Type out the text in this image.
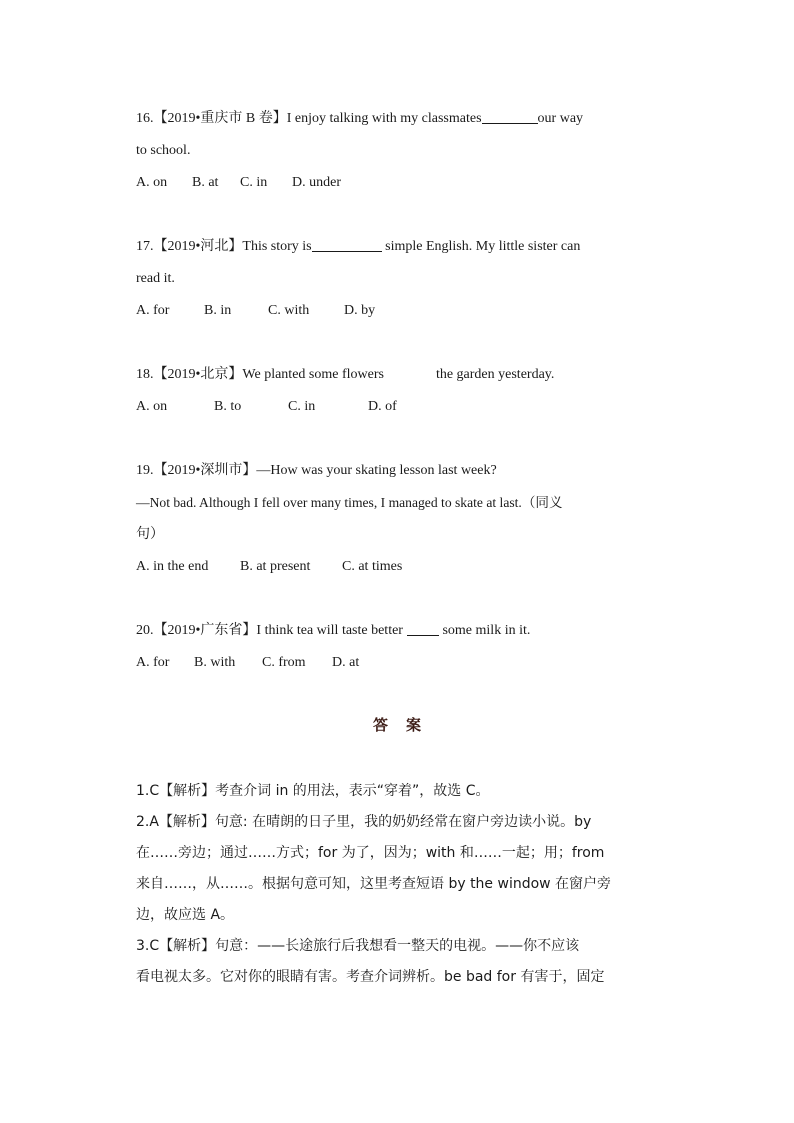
16.【2019•重庆市 B 卷】I enjoy talking with my classmates	our way
to school.
A. on B. at C. in D. under
17.【2019•河北】This story is	simple English. My little sister can
read it.
A. for B. in	C. with D. by
18.【2019•北京】We planted some flowers	the garden yesterday.
A. on	B. to	C. in	D. of
19.【2019•深圳市】—How was your skating lesson last week?
—Not bad. Although I fell over many times, I managed to skate at last.（同义
句）
A. in the end B. at present C. at times
20.【2019•广东省】I think tea will taste better	some milk in it.
A. for B. with C. from D. at
答案
1.C【解析】考查介词 in 的用法，表示“穿着”，故选 C。
2.A【解析】句意: 在晴朗的日子里，我的奶奶经常在窗户旁边读小说。by
在……旁边；通过……方式；for 为了，因为；with 和……一起；用；from
来自……，从……。根据句意可知，这里考查短语 by the window 在窗户旁
边，故应选 A。
3.C【解析】句意：——长途旅行后我想看一整天的电视。——你不应该
看电视太多。它对你的眼睛有害。考查介词辨析。be bad for 有害于，固定
